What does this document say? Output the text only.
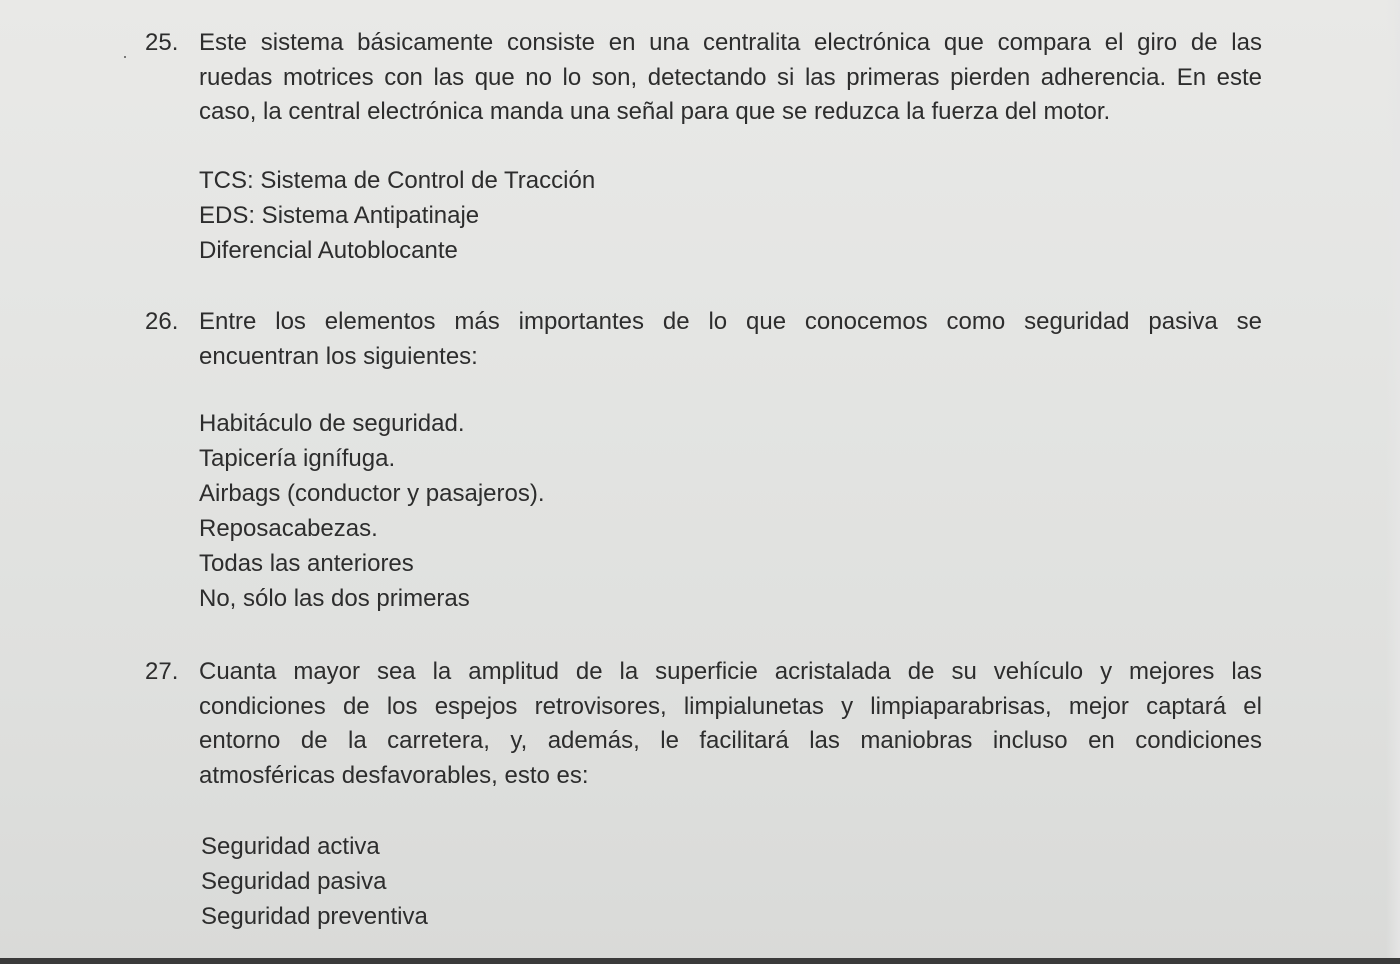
25. Este sistema básicamente consiste en una centralita electrónica que compara el giro de las
ruedas motrices con las que no lo son, detectando si las primeras pierden adherencia. En este
caso, la central electrónica manda una señal para que se reduzca la fuerza del motor.
TCS: Sistema de Control de Tracción
EDS: Sistema Antipatinaje
Diferencial Autoblocante
26. Entre los elementos más importantes de lo que conocemos como seguridad pasiva se
encuentran los siguientes:
Habitáculo de seguridad.
Tapicería ignífuga.
Airbags (conductor y pasajeros).
Reposacabezas.
Todas las anteriores
No, sólo las dos primeras
27. Cuanta mayor sea la amplitud de la superficie acristalada de su vehículo y mejores las
condiciones de los espejos retrovisores, limpialunetas y limpiaparabrisas, mejor captará el
entorno de la carretera, y, además, le facilitará las maniobras incluso en condiciones
atmosféricas desfavorables, esto es:
Seguridad activa
Seguridad pasiva
Seguridad preventiva
